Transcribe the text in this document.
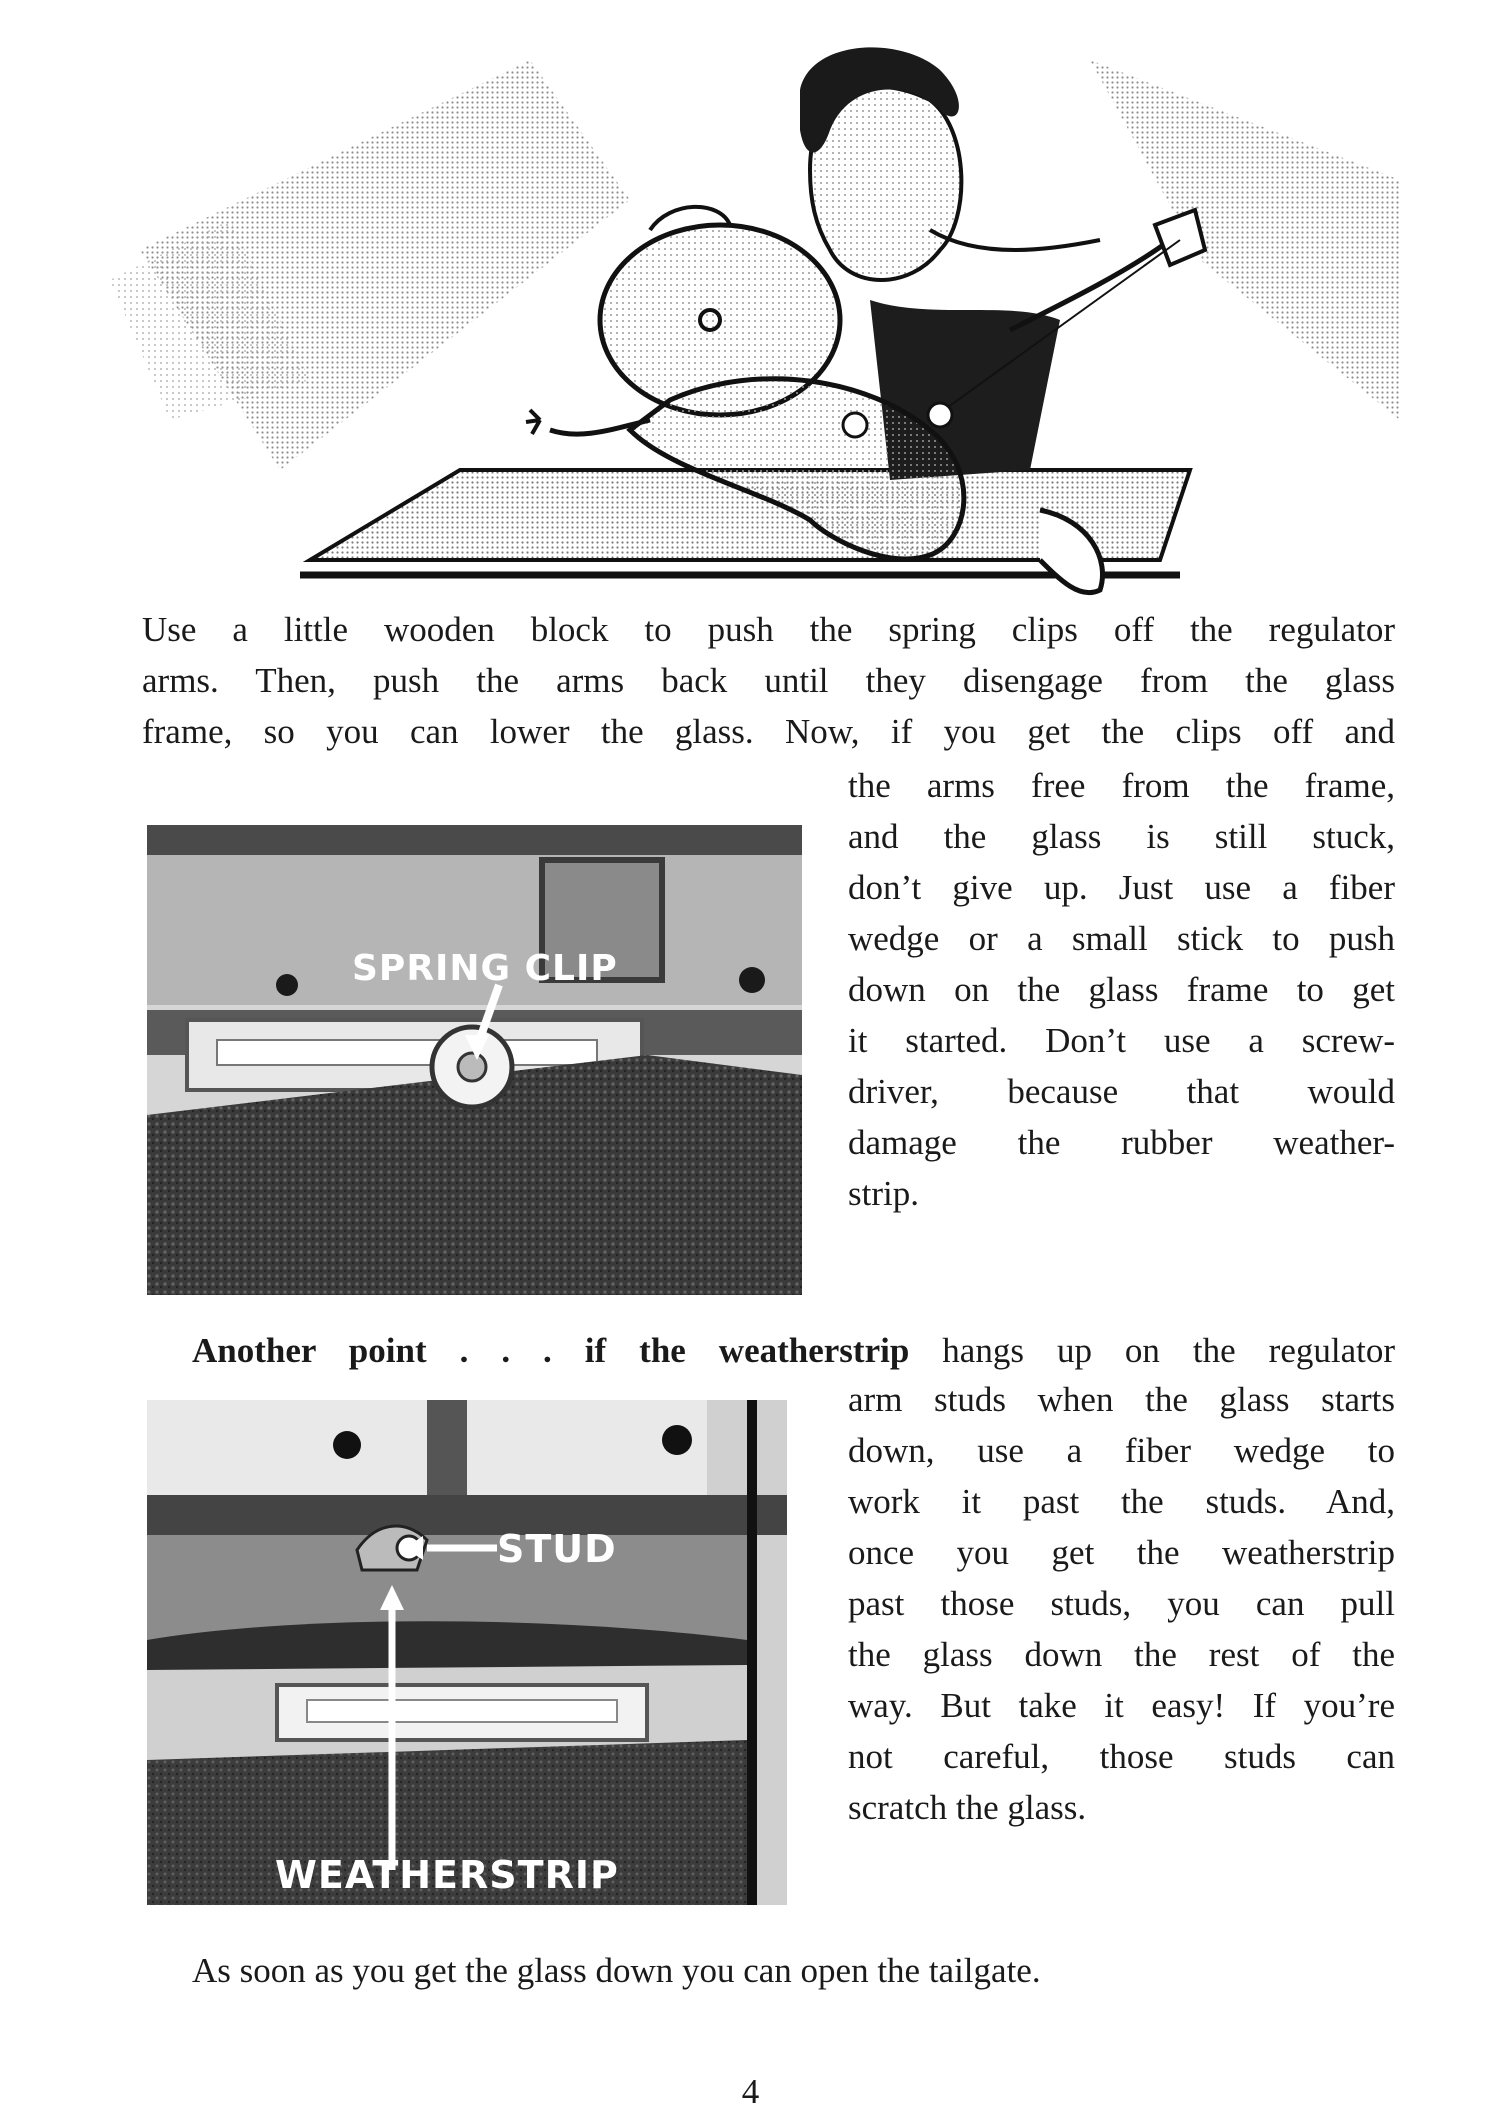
Use a little wooden block to push the spring clips off the regulator
arms. Then, push the arms back until they disengage from the glass
frame, so you can lower the glass. Now, if you get the clips off and
SPRING CLIP
the arms free from the frame,
and the glass is still stuck,
don’t give up. Just use a fiber
wedge or a small stick to push
down on the glass frame to get
it started. Don’t use a screw-
driver, because that would
damage the rubber weather-
strip.
Another point . . . if the weatherstrip hangs up on the regulator
STUD
WEATHERSTRIP
arm studs when the glass starts
down, use a fiber wedge to
work it past the studs. And,
once you get the weatherstrip
past those studs, you can pull
the glass down the rest of the
way. But take it easy! If you’re
not careful, those studs can
scratch the glass.
As soon as you get the glass down you can open the tailgate.
4
